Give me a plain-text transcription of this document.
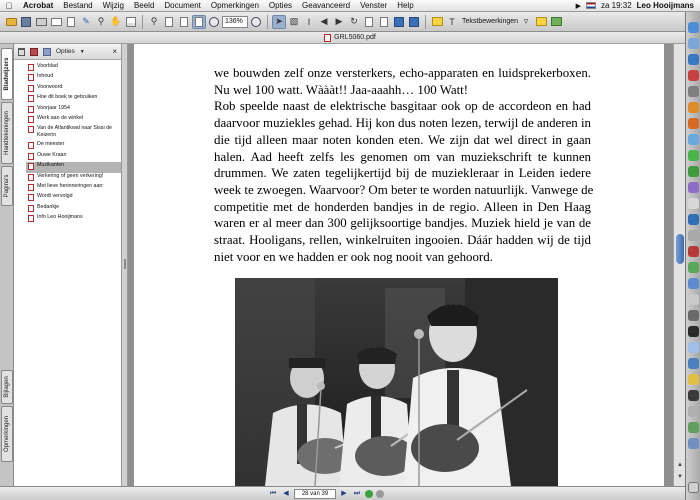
Acrobat	Bestand	Wijzig	Beeld	Document	Opmerkingen	Opties	Geavanceerd	Venster	Help	▶	za 19:32 Leo Hooijmans
✎ ⚲ ✋	⚲	136%	➤ ▧	I	◀ ▶ ↻	T	Tekstbewerkingen ▿
GRL5060.pdf
Bladwijzers
Handtekeningen
Pagina's
Bijlagen
Opmerkingen
Opties ▼	×
Voorblad
Inhoud
Voorwoord
Hoe dit boek te gebruiken
Voorjaar 1954
Werk aan de winkel
Van de Atlantikwal naar Sissi de Keizerin
De meester
Ouwe Kraan
Muzikanten
Verkering of geen verkering!
Met lieve herinneringen aan:
Wordt vervolgd
Bedankje
Info Leo Hooijmans
we bouwden zelf onze versterkers, echo-apparaten en luidsprekerboxen.
Nu wel 100 watt. Wàààt!! Jaa-aaahh… 100 Watt!
Rob speelde naast de elektrische basgitaar ook op de accordeon en had
daarvoor muziekles gehad. Hij kon dus noten lezen, terwijl de anderen in
die tijd alleen maar noten konden eten. We zijn dat wel direct in gaan
halen. Aad heeft zelfs les genomen om van muziekschrift te kunnen
drummen. We zaten tegelijkertijd bij de muziekleraar in Leiden iedere
week te zwoegen. Waarvoor? Om beter te worden natuurlijk. Vanwege de
competitie met de honderden bandjes in de regio. Alleen in Den Haag
waren er al meer dan 300 gelijksoortige bandjes. Muziek hield je van de
straat. Hooligans, rellen, winkelruiten ingooien. Dáár hadden wij de tijd
niet voor en we hadden er ook nog nooit van gehoord.
▲
▼
⏮	◀	28 van 39	▶	⏭
